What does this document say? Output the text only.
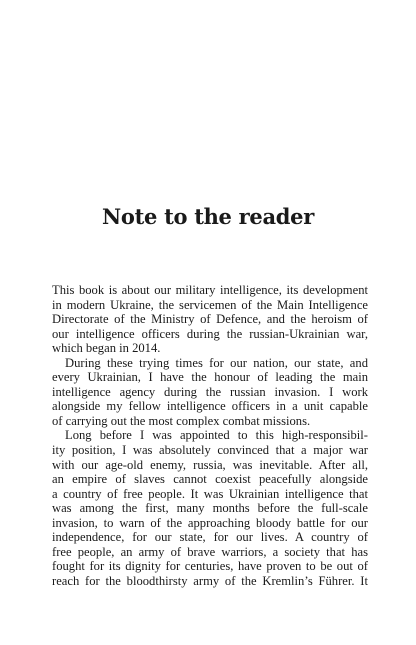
Note to the reader
This book is about our military intelligence, its development
in modern Ukraine, the servicemen of the Main Intelligence
Directorate of the Ministry of Defence, and the heroism of
our intelligence officers during the russian-Ukrainian war,
which began in 2014.
During these trying times for our nation, our state, and
every Ukrainian, I have the honour of leading the main
intelligence agency during the russian invasion. I work
alongside my fellow intelligence officers in a unit capable
of carrying out the most complex combat missions.
Long before I was appointed to this high-responsibil-
ity position, I was absolutely convinced that a major war
with our age-old enemy, russia, was inevitable. After all,
an empire of slaves cannot coexist peacefully alongside
a country of free people. It was Ukrainian intelligence that
was among the first, many months before the full-scale
invasion, to warn of the approaching bloody battle for our
independence, for our state, for our lives. A country of
free people, an army of brave warriors, a society that has
fought for its dignity for centuries, have proven to be out of
reach for the bloodthirsty army of the Kremlin’s Führer. It
